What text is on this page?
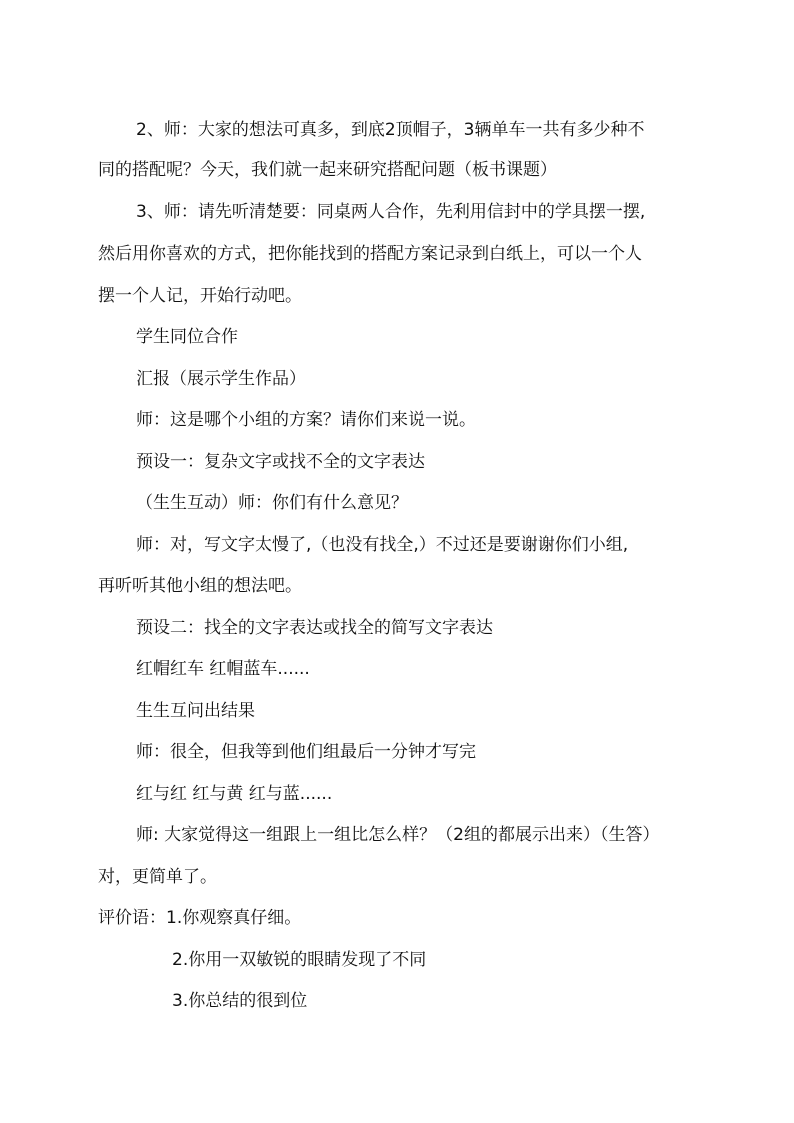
2、师：大家的想法可真多，到底2顶帽子，3辆单车一共有多少种不
同的搭配呢？今天，我们就一起来研究搭配问题（板书课题）
3、师：请先听清楚要：同桌两人合作，先利用信封中的学具摆一摆,
然后用你喜欢的方式，把你能找到的搭配方案记录到白纸上，可以一个人
摆一个人记，开始行动吧。
学生同位合作
汇报（展示学生作品）
师：这是哪个小组的方案？请你们来说一说。
预设一：复杂文字或找不全的文字表达
（生生互动）师：你们有什么意见？
师：对，写文字太慢了,（也没有找全,）不过还是要谢谢你们小组,
再听听其他小组的想法吧。
预设二：找全的文字表达或找全的简写文字表达
红帽红车 红帽蓝车......
生生互问出结果
师：很全，但我等到他们组最后一分钟才写完
红与红 红与黄 红与蓝......
师: 大家觉得这一组跟上一组比怎么样？（2组的都展示出来）（生答）
对，更简单了。
评价语：1.你观察真仔细。
2.你用一双敏锐的眼睛发现了不同
3.你总结的很到位
